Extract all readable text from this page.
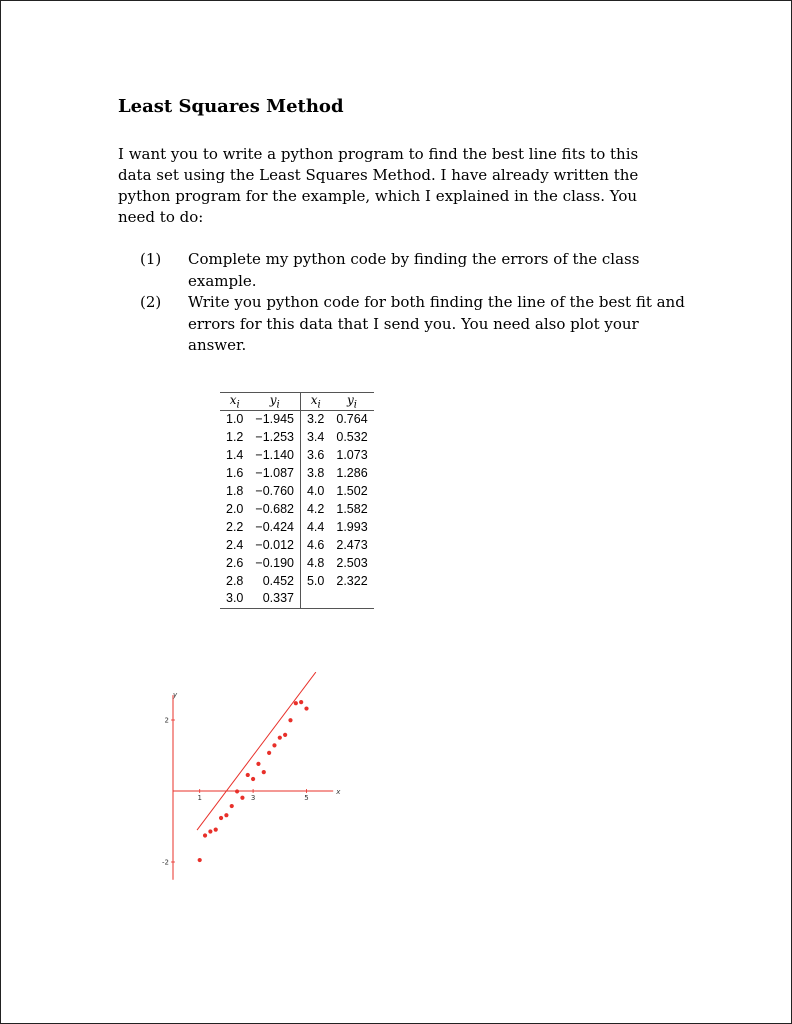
Least Squares Method

I want you to write a python program to find the best line fits to this data set using the Least Squares Method. I have already written the python program for the example, which I explained in the class. You need to do:

(1)	Complete my python code by finding the errors of the class example.
(2)	Write you python code for both finding the line of the best fit and errors for this data that I send you. You need also plot your answer.
$x_i$	$y_i$	$x_i$	$y_i$
1.0	−1.945	3.2	0.764
1.2	−1.253	3.4	0.532
1.4	−1.140	3.6	1.073
1.6	−1.087	3.8	1.286
1.8	−0.760	4.0	1.502
2.0	−0.682	4.2	1.582
2.2	−0.424	4.4	1.993
2.4	−0.012	4.6	2.473
2.6	−0.190	4.8	2.503
2.8	0.452	5.0	2.322
3.0	0.337		
y
x
1	3	5
2
-2
